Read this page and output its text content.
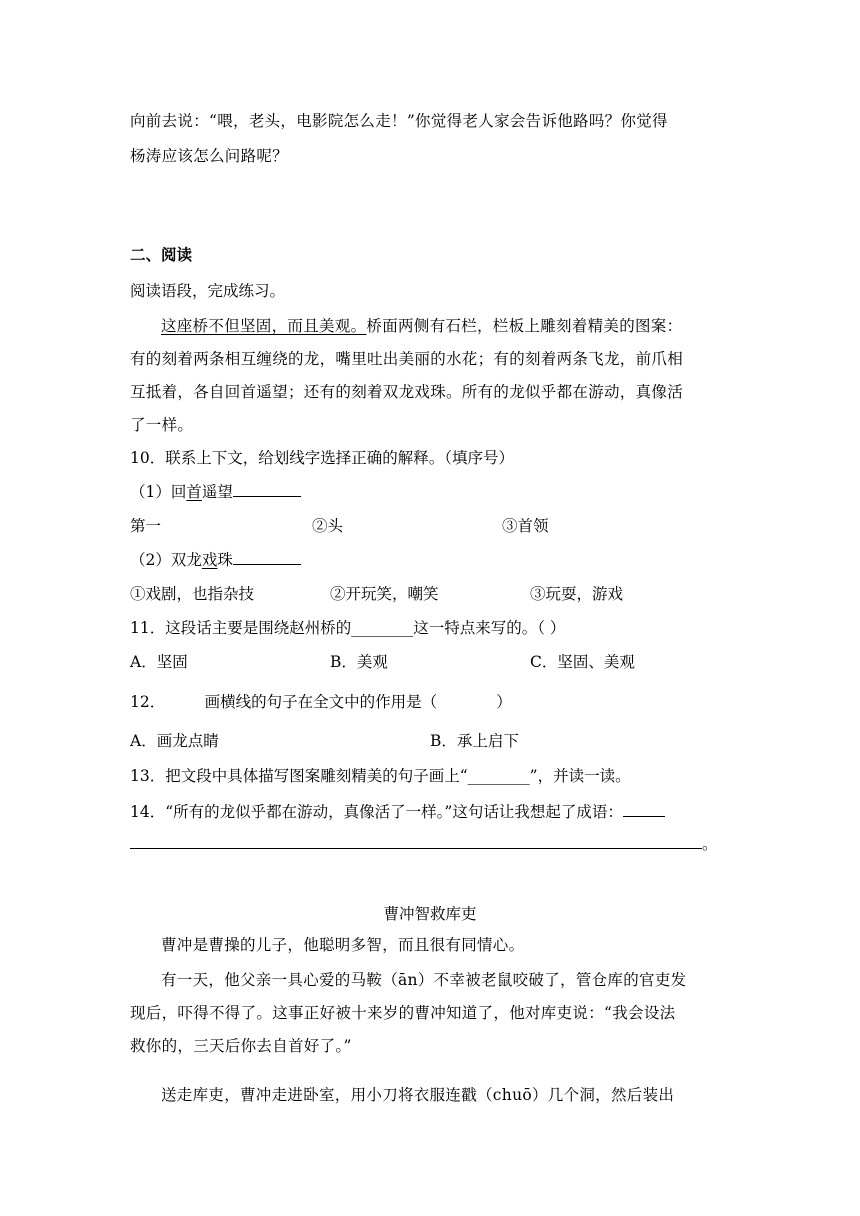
向前去说：“喂，老头，电影院怎么走！”你觉得老人家会告诉他路吗？你觉得
杨涛应该怎么问路呢？
二、阅读
阅读语段，完成练习。
这座桥不但坚固，而且美观。桥面两侧有石栏，栏板上雕刻着精美的图案：
有的刻着两条相互缠绕的龙，嘴里吐出美丽的水花；有的刻着两条飞龙，前爪相
互抵着，各自回首遥望；还有的刻着双龙戏珠。所有的龙似乎都在游动，真像活
了一样。
10．联系上下文，给划线字选择正确的解释。（填序号）
（1）回首遥望
第一	②头	③首领
（2）双龙戏珠
①戏剧，也指杂技	②开玩笑，嘲笑	③玩耍，游戏
11．这段话主要是围绕赵州桥的________这一特点来写的。（ ）
A．坚固	B．美观	C．坚固、美观
12．        画横线的句子在全文中的作用是（            ）
A．画龙点睛	B．承上启下
13．把文段中具体描写图案雕刻精美的句子画上“________”，并读一读。
14．“所有的龙似乎都在游动，真像活了一样。”这句话让我想起了成语：
。
曹冲智救库吏
曹冲是曹操的儿子，他聪明多智，而且很有同情心。
有一天，他父亲一具心爱的马鞍（ān）不幸被老鼠咬破了，管仓库的官吏发
现后，吓得不得了。这事正好被十来岁的曹冲知道了，他对库吏说：“我会设法
救你的，三天后你去自首好了。”
送走库吏，曹冲走进卧室，用小刀将衣服连戳（chuō）几个洞，然后装出
